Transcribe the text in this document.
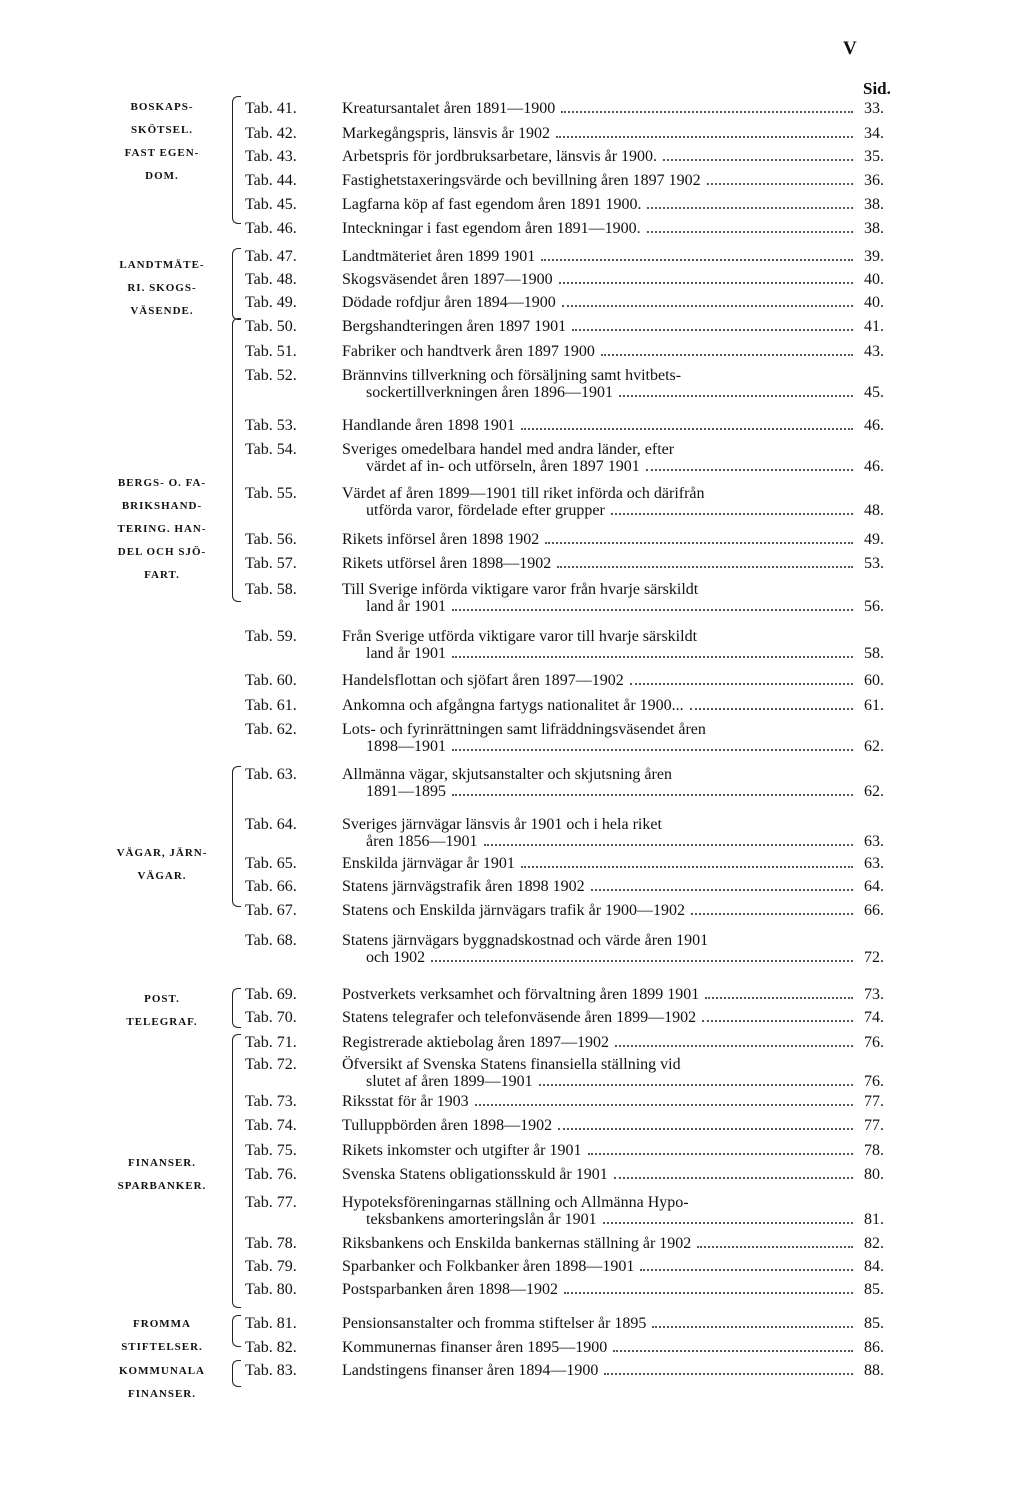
V
Sid.
BOSKAPS-
SKÖTSEL.
FAST EGEN-
DOM.
LANDTMÄTE-
RI. SKOGS-
VÄSENDE.
BERGS- O. FA-
BRIKSHAND-
TERING. HAN-
DEL OCH SJÖ-
FART.
VÄGAR, JÄRN-
VÄGAR.
POST.
TELEGRAF.
FINANSER.
SPARBANKER.
FROMMA
STIFTELSER.
KOMMUNALA
FINANSER.
Tab. 41.	Kreatursantalet åren 1891—1900	33.
Tab. 42.	Markegångspris, länsvis år 1902	34.
Tab. 43.	Arbetspris för jordbruksarbetare, länsvis år 1900.	35.
Tab. 44.	Fastighetstaxeringsvärde och bevillning åren 1897 1902	36.
Tab. 45.	Lagfarna köp af fast egendom åren 1891 1900.	38.
Tab. 46.	Inteckningar i fast egendom åren 1891—1900.	38.
Tab. 47.	Landtmäteriet åren 1899 1901	39.
Tab. 48.	Skogsväsendet åren 1897—1900	40.
Tab. 49.	Dödade rofdjur åren 1894—1900	40.
Tab. 50.	Bergshandteringen åren 1897 1901	41.
Tab. 51.	Fabriker och handtverk åren 1897 1900	43.
Tab. 52.	Brännvins tillverkning och försäljning samt hvitbets-
sockertillverkningen åren 1896—1901	45.
Tab. 53.	Handlande åren 1898 1901	46.
Tab. 54.	Sveriges omedelbara handel med andra länder, efter
värdet af in- och utförseln, åren 1897 1901	46.
Tab. 55.	Värdet af åren 1899—1901 till riket införda och därifrån
utförda varor, fördelade efter grupper	48.
Tab. 56.	Rikets införsel åren 1898 1902	49.
Tab. 57.	Rikets utförsel åren 1898—1902	53.
Tab. 58.	Till Sverige införda viktigare varor från hvarje särskildt
land år 1901	56.
Tab. 59.	Från Sverige utförda viktigare varor till hvarje särskildt
land år 1901	58.
Tab. 60.	Handelsflottan och sjöfart åren 1897—1902	60.
Tab. 61.	Ankomna och afgångna fartygs nationalitet år 1900...	61.
Tab. 62.	Lots- och fyrinrättningen samt lifräddningsväsendet åren
1898—1901	62.
Tab. 63.	Allmänna vägar, skjutsanstalter och skjutsning åren
1891—1895	62.
Tab. 64.	Sveriges järnvägar länsvis år 1901 och i hela riket
åren 1856—1901	63.
Tab. 65.	Enskilda järnvägar år 1901	63.
Tab. 66.	Statens järnvägstrafik åren 1898 1902	64.
Tab. 67.	Statens och Enskilda järnvägars trafik år 1900—1902	66.
Tab. 68.	Statens järnvägars byggnadskostnad och värde åren 1901
och 1902	72.
Tab. 69.	Postverkets verksamhet och förvaltning åren 1899 1901	73.
Tab. 70.	Statens telegrafer och telefonväsende åren 1899—1902	74.
Tab. 71.	Registrerade aktiebolag åren 1897—1902	76.
Tab. 72.	Öfversikt af Svenska Statens finansiella ställning vid
slutet af åren 1899—1901	76.
Tab. 73.	Riksstat för år 1903	77.
Tab. 74.	Tulluppbörden åren 1898—1902	77.
Tab. 75.	Rikets inkomster och utgifter år 1901	78.
Tab. 76.	Svenska Statens obligationsskuld år 1901	80.
Tab. 77.	Hypoteksföreningarnas ställning och Allmänna Hypo-
teksbankens amorteringslån år 1901	81.
Tab. 78.	Riksbankens och Enskilda bankernas ställning år 1902	82.
Tab. 79.	Sparbanker och Folkbanker åren 1898—1901	84.
Tab. 80.	Postsparbanken åren 1898—1902	85.
Tab. 81.	Pensionsanstalter och fromma stiftelser år 1895	85.
Tab. 82.	Kommunernas finanser åren 1895—1900	86.
Tab. 83.	Landstingens finanser åren 1894—1900	88.
